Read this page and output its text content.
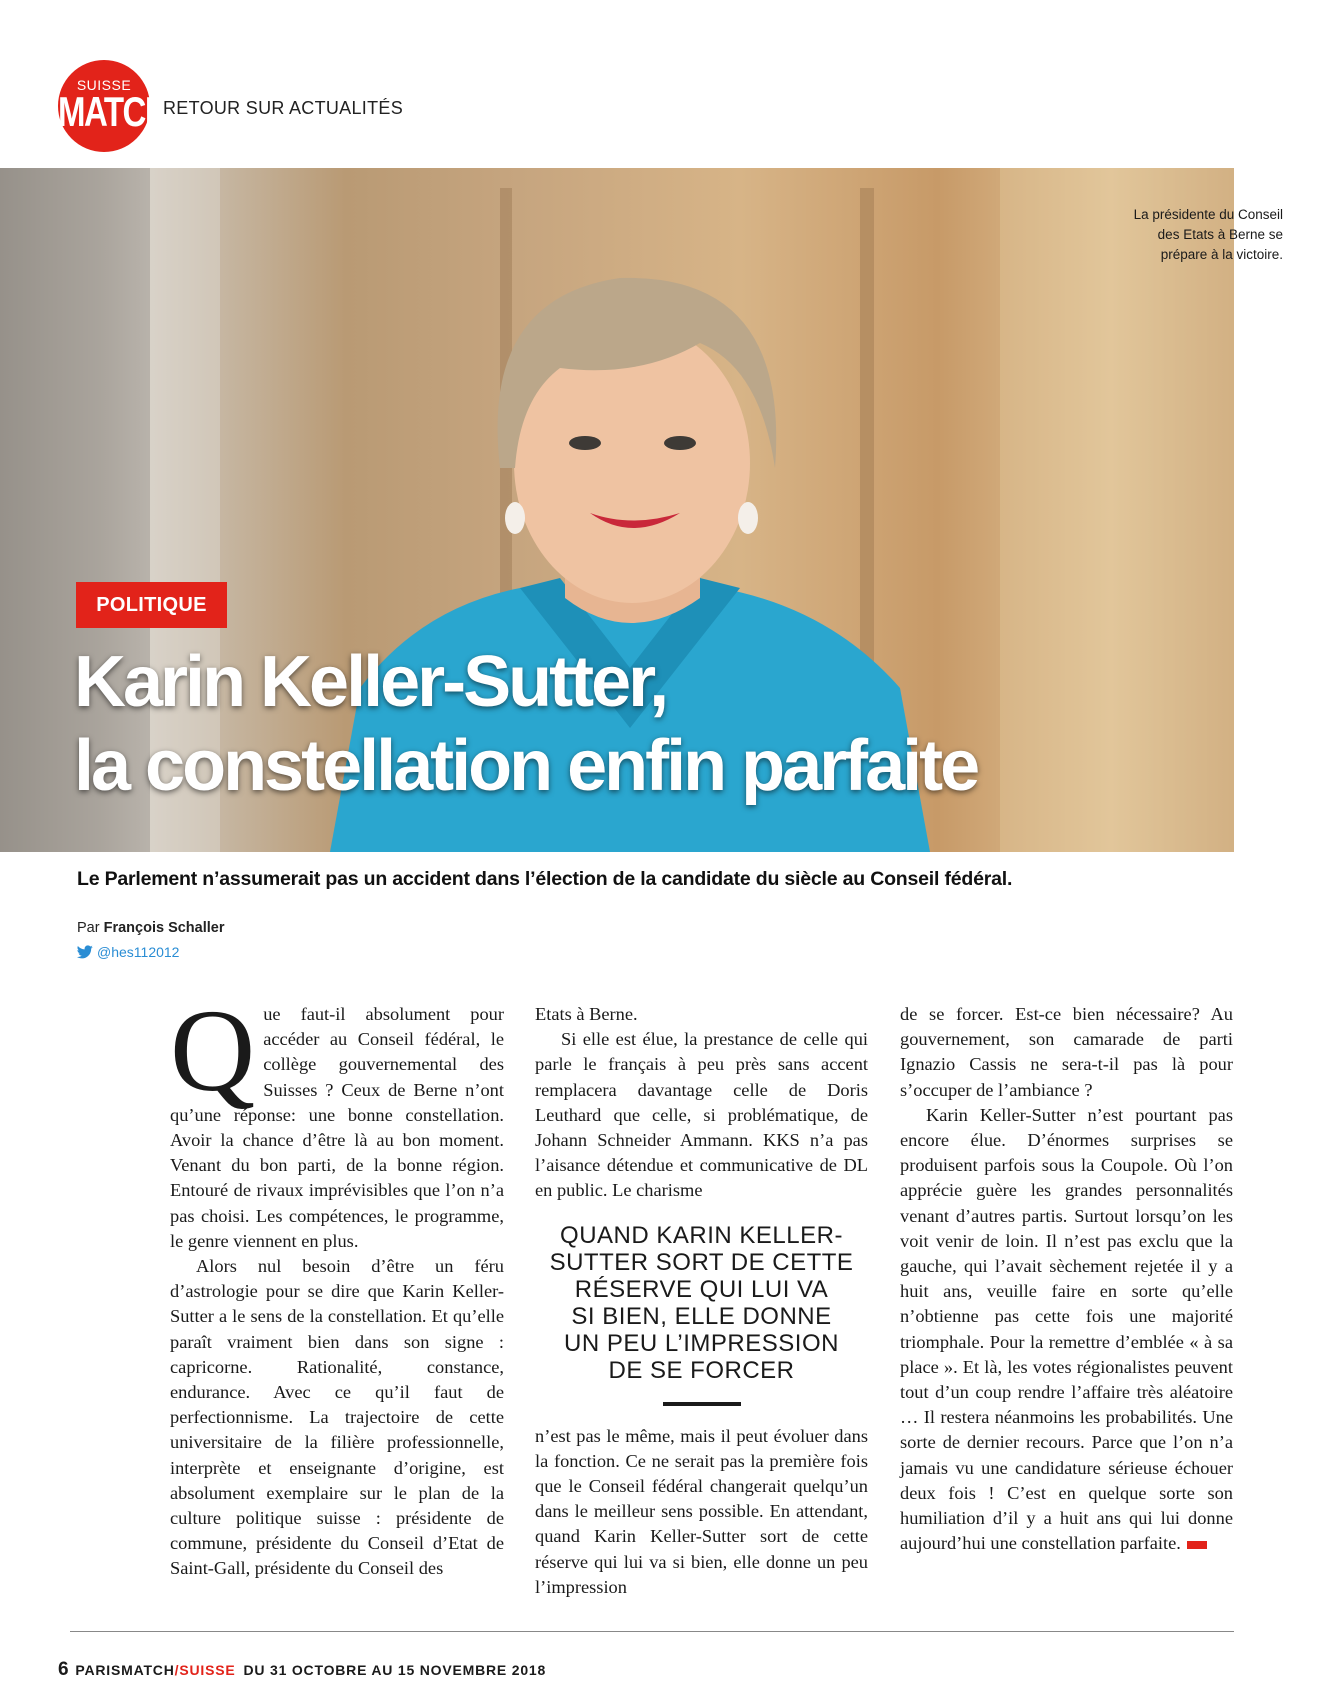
SUISSE
MATCH
RETOUR SUR ACTUALITÉS
La présidente du Conseil
des Etats à Berne se
prépare à la victoire.
POLITIQUE
Karin Keller-Sutter,
la constellation enfin parfaite
Le Parlement n’assumerait pas un accident dans l’élection de la candidate du siècle au Conseil fédéral.
Par François Schaller
@hes112012

Que faut-il absolument pour accéder au Conseil fédéral, le collège gouvernemental des Suisses ? Ceux de Berne n’ont qu’une réponse: une bonne constellation. Avoir la chance d’être là au bon moment. Venant du bon parti, de la bonne région. Entouré de rivaux imprévisibles que l’on n’a pas choisi. Les compétences, le programme, le genre viennent en plus.

Alors nul besoin d’être un féru d’astrologie pour se dire que Karin Keller-Sutter a le sens de la constellation. Et qu’elle paraît vraiment bien dans son signe : capricorne. Rationalité, constance, endurance. Avec ce qu’il faut de perfectionnisme. La trajectoire de cette universitaire de la filière professionnelle, interprète et enseignante d’origine, est absolument exemplaire sur le plan de la culture politique suisse : présidente de commune, présidente du Conseil d’Etat de Saint-Gall, présidente du Conseil des

Etats à Berne.

Si elle est élue, la prestance de celle qui parle le français à peu près sans accent remplacera davantage celle de Doris Leuthard que celle, si problématique, de Johann Schneider Ammann. KKS n’a pas l’aisance détendue et communicative de DL en public. Le charisme

QUAND KARIN KELLER-
SUTTER SORT DE CETTE
RÉSERVE QUI LUI VA
SI BIEN, ELLE DONNE
UN PEU L’IMPRESSION
DE SE FORCER

n’est pas le même, mais il peut évoluer dans la fonction. Ce ne serait pas la première fois que le Conseil fédéral changerait quelqu’un dans le meilleur sens possible. En attendant, quand Karin Keller-Sutter sort de cette réserve qui lui va si bien, elle donne un peu l’impression

de se forcer. Est-ce bien nécessaire? Au gouvernement, son camarade de parti Ignazio Cassis ne sera-t-il pas là pour s’occuper de l’ambiance ?

Karin Keller-Sutter n’est pourtant pas encore élue. D’énormes surprises se produisent parfois sous la Coupole. Où l’on apprécie guère les grandes personnalités venant d’autres partis. Surtout lorsqu’on les voit venir de loin. Il n’est pas exclu que la gauche, qui l’avait sèchement rejetée il y a huit ans, veuille faire en sorte qu’elle n’obtienne pas cette fois une majorité triomphale. Pour la remettre d’emblée « à sa place ». Et là, les votes régionalistes peuvent tout d’un coup rendre l’affaire très aléatoire … Il restera néanmoins les probabilités. Une sorte de dernier recours. Parce que l’on n’a jamais vu une candidature sérieuse échouer deux fois ! C’est en quelque sorte son humiliation d’il y a huit ans qui lui donne aujourd’hui une constellation parfaite.

6 PARISMATCH/SUISSE DU 31 OCTOBRE AU 15 NOVEMBRE 2018
